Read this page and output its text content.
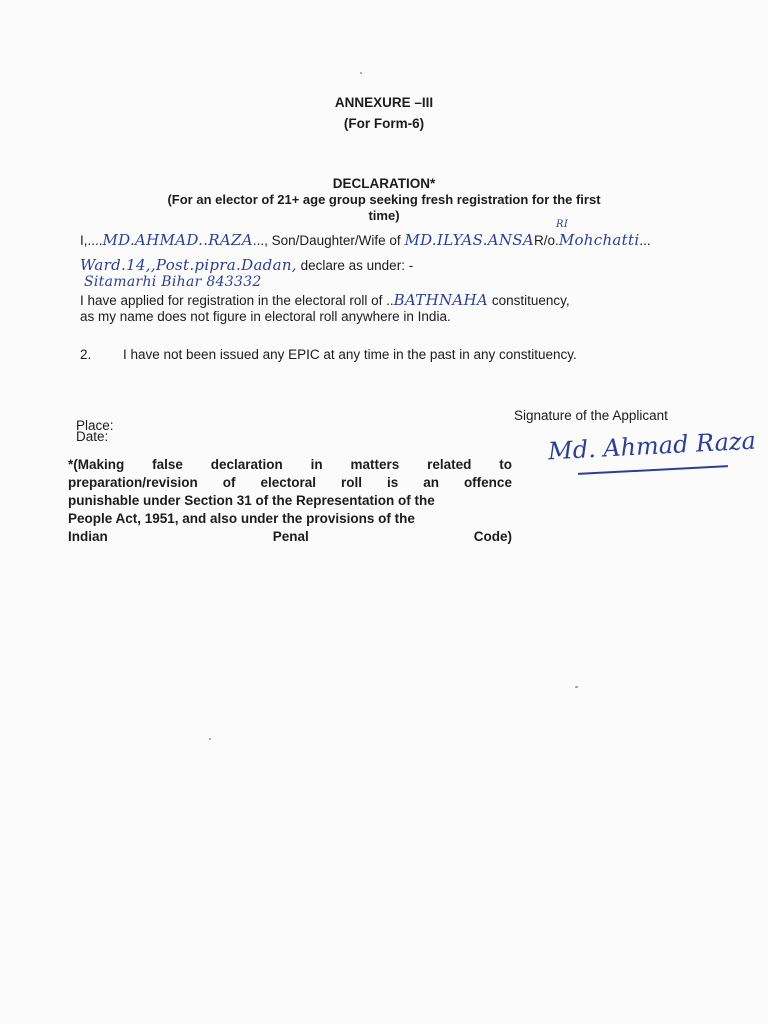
ANNEXURE –III
(For Form-6)
DECLARATION*
(For an elector of 21+ age group seeking fresh registration for the first
time)
I,....MD.AHMAD..RAZA..., Son/Daughter/Wife of MD.ILYAS.ANSAR/o.Mohchatti...
RI
Ward.14,,Post.pipra.Dadan, declare as under: -
Sitamarhi Bihar 843332
I have applied for registration in the electoral roll of ..BATHNAHA constituency,
as my name does not figure in electoral roll anywhere in India.
2. I have not been issued any EPIC at any time in the past in any constituency.
Signature of the Applicant
Place:
Date:	Md. Ahmad Raza
*(Making false declaration in matters related to
preparation/revision of electoral roll is an offence
punishable under Section 31 of the Representation of the
People Act, 1951, and also under the provisions of the
Indian	Penal	Code)
